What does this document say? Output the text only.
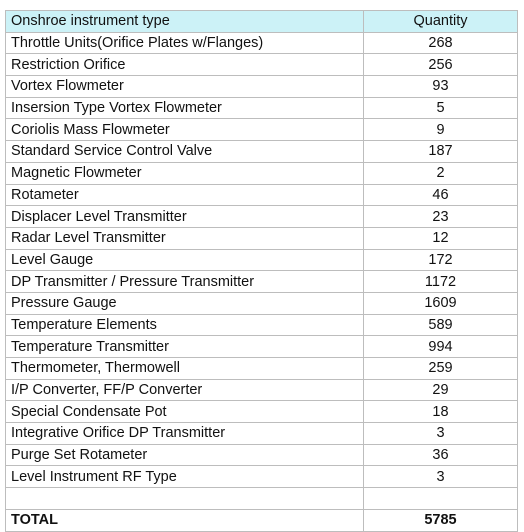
Onshroe instrument type	Quantity
Throttle Units(Orifice Plates w/Flanges)	268
Restriction Orifice	256
Vortex Flowmeter	93
Insersion Type Vortex Flowmeter	5
Coriolis Mass Flowmeter	9
Standard Service Control Valve	187
Magnetic Flowmeter	2
Rotameter	46
Displacer Level Transmitter	23
Radar Level Transmitter	12
Level Gauge	172
DP Transmitter / Pressure Transmitter	1172
Pressure Gauge	1609
Temperature Elements	589
Temperature Transmitter	994
Thermometer, Thermowell	259
I/P Converter, FF/P Converter	29
Special Condensate Pot	18
Integrative Orifice DP Transmitter	3
Purge Set Rotameter	36
Level Instrument RF Type	3

TOTAL	5785
